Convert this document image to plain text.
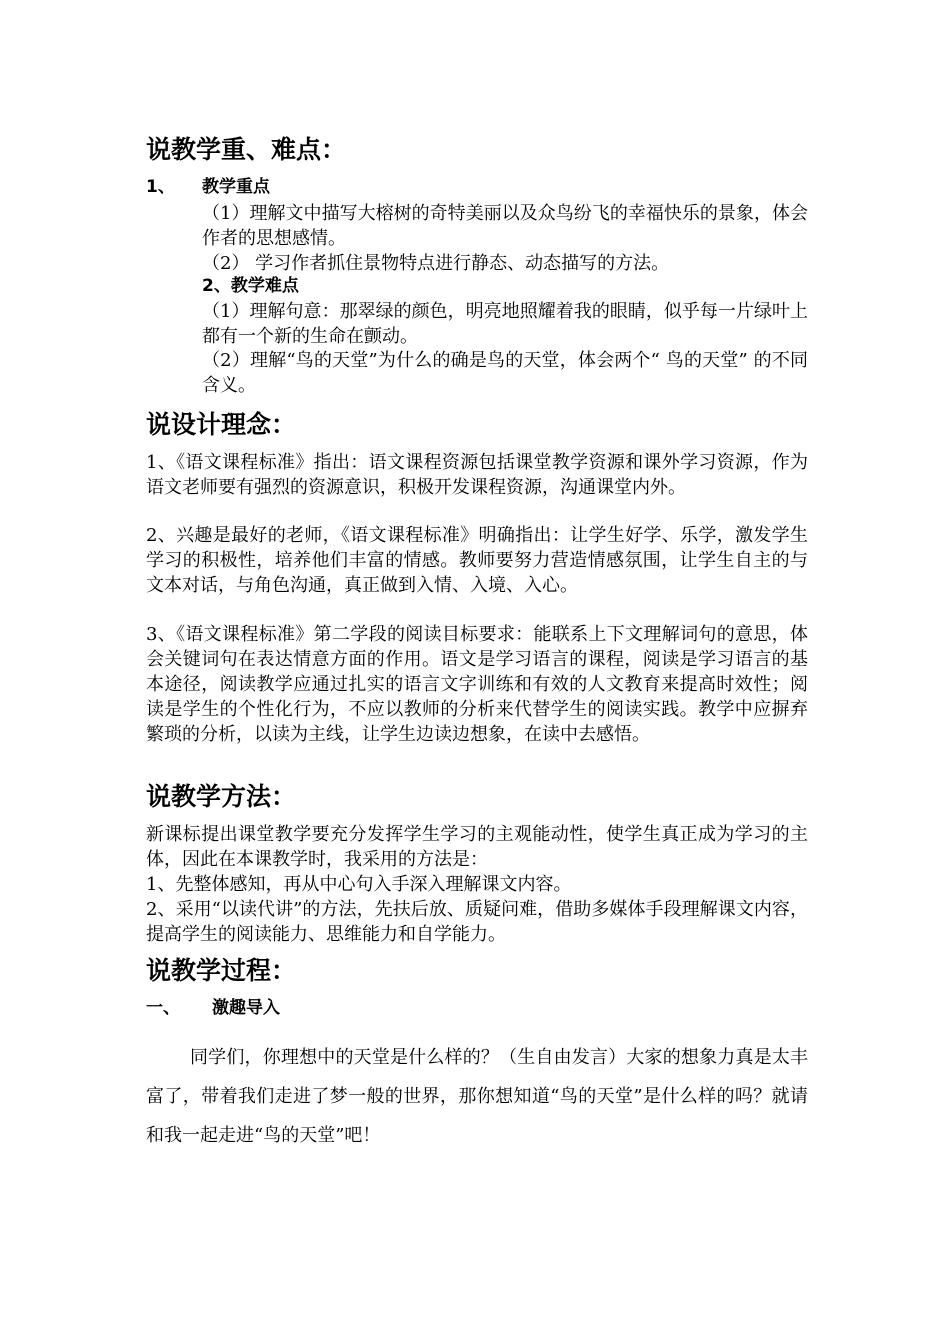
说教学重、难点：
1、 教学重点
（1）理解文中描写大榕树的奇特美丽以及众鸟纷飞的幸福快乐的景象，体会作者的思想感情。
（2） 学习作者抓住景物特点进行静态、动态描写的方法。
2、教学难点
（1）理解句意：那翠绿的颜色，明亮地照耀着我的眼睛，似乎每一片绿叶上都有一个新的生命在颤动。
（2）理解“鸟的天堂”为什么的确是鸟的天堂，体会两个“ 鸟的天堂” 的不同含义。
说设计理念：
1、《语文课程标准》指出：语文课程资源包括课堂教学资源和课外学习资源，作为语文老师要有强烈的资源意识，积极开发课程资源，沟通课堂内外。
2、兴趣是最好的老师，《语文课程标准》明确指出：让学生好学、乐学，激发学生学习的积极性，培养他们丰富的情感。教师要努力营造情感氛围，让学生自主的与文本对话，与角色沟通，真正做到入情、入境、入心。
3、《语文课程标准》第二学段的阅读目标要求：能联系上下文理解词句的意思，体会关键词句在表达情意方面的作用。语文是学习语言的课程，阅读是学习语言的基本途径，阅读教学应通过扎实的语言文字训练和有效的人文教育来提高时效性；阅读是学生的个性化行为，不应以教师的分析来代替学生的阅读实践。教学中应摒弃繁琐的分析，以读为主线，让学生边读边想象，在读中去感悟。
说教学方法：
新课标提出课堂教学要充分发挥学生学习的主观能动性，使学生真正成为学习的主体，因此在本课教学时，我采用的方法是：
1、先整体感知，再从中心句入手深入理解课文内容。
2、采用“以读代讲”的方法，先扶后放、质疑问难，借助多媒体手段理解课文内容，提高学生的阅读能力、思维能力和自学能力。
说教学过程：
一、 激趣导入
同学们，你理想中的天堂是什么样的？（生自由发言）大家的想象力真是太丰富了，带着我们走进了梦一般的世界，那你想知道“鸟的天堂”是什么样的吗？就请和我一起走进“鸟的天堂”吧！
